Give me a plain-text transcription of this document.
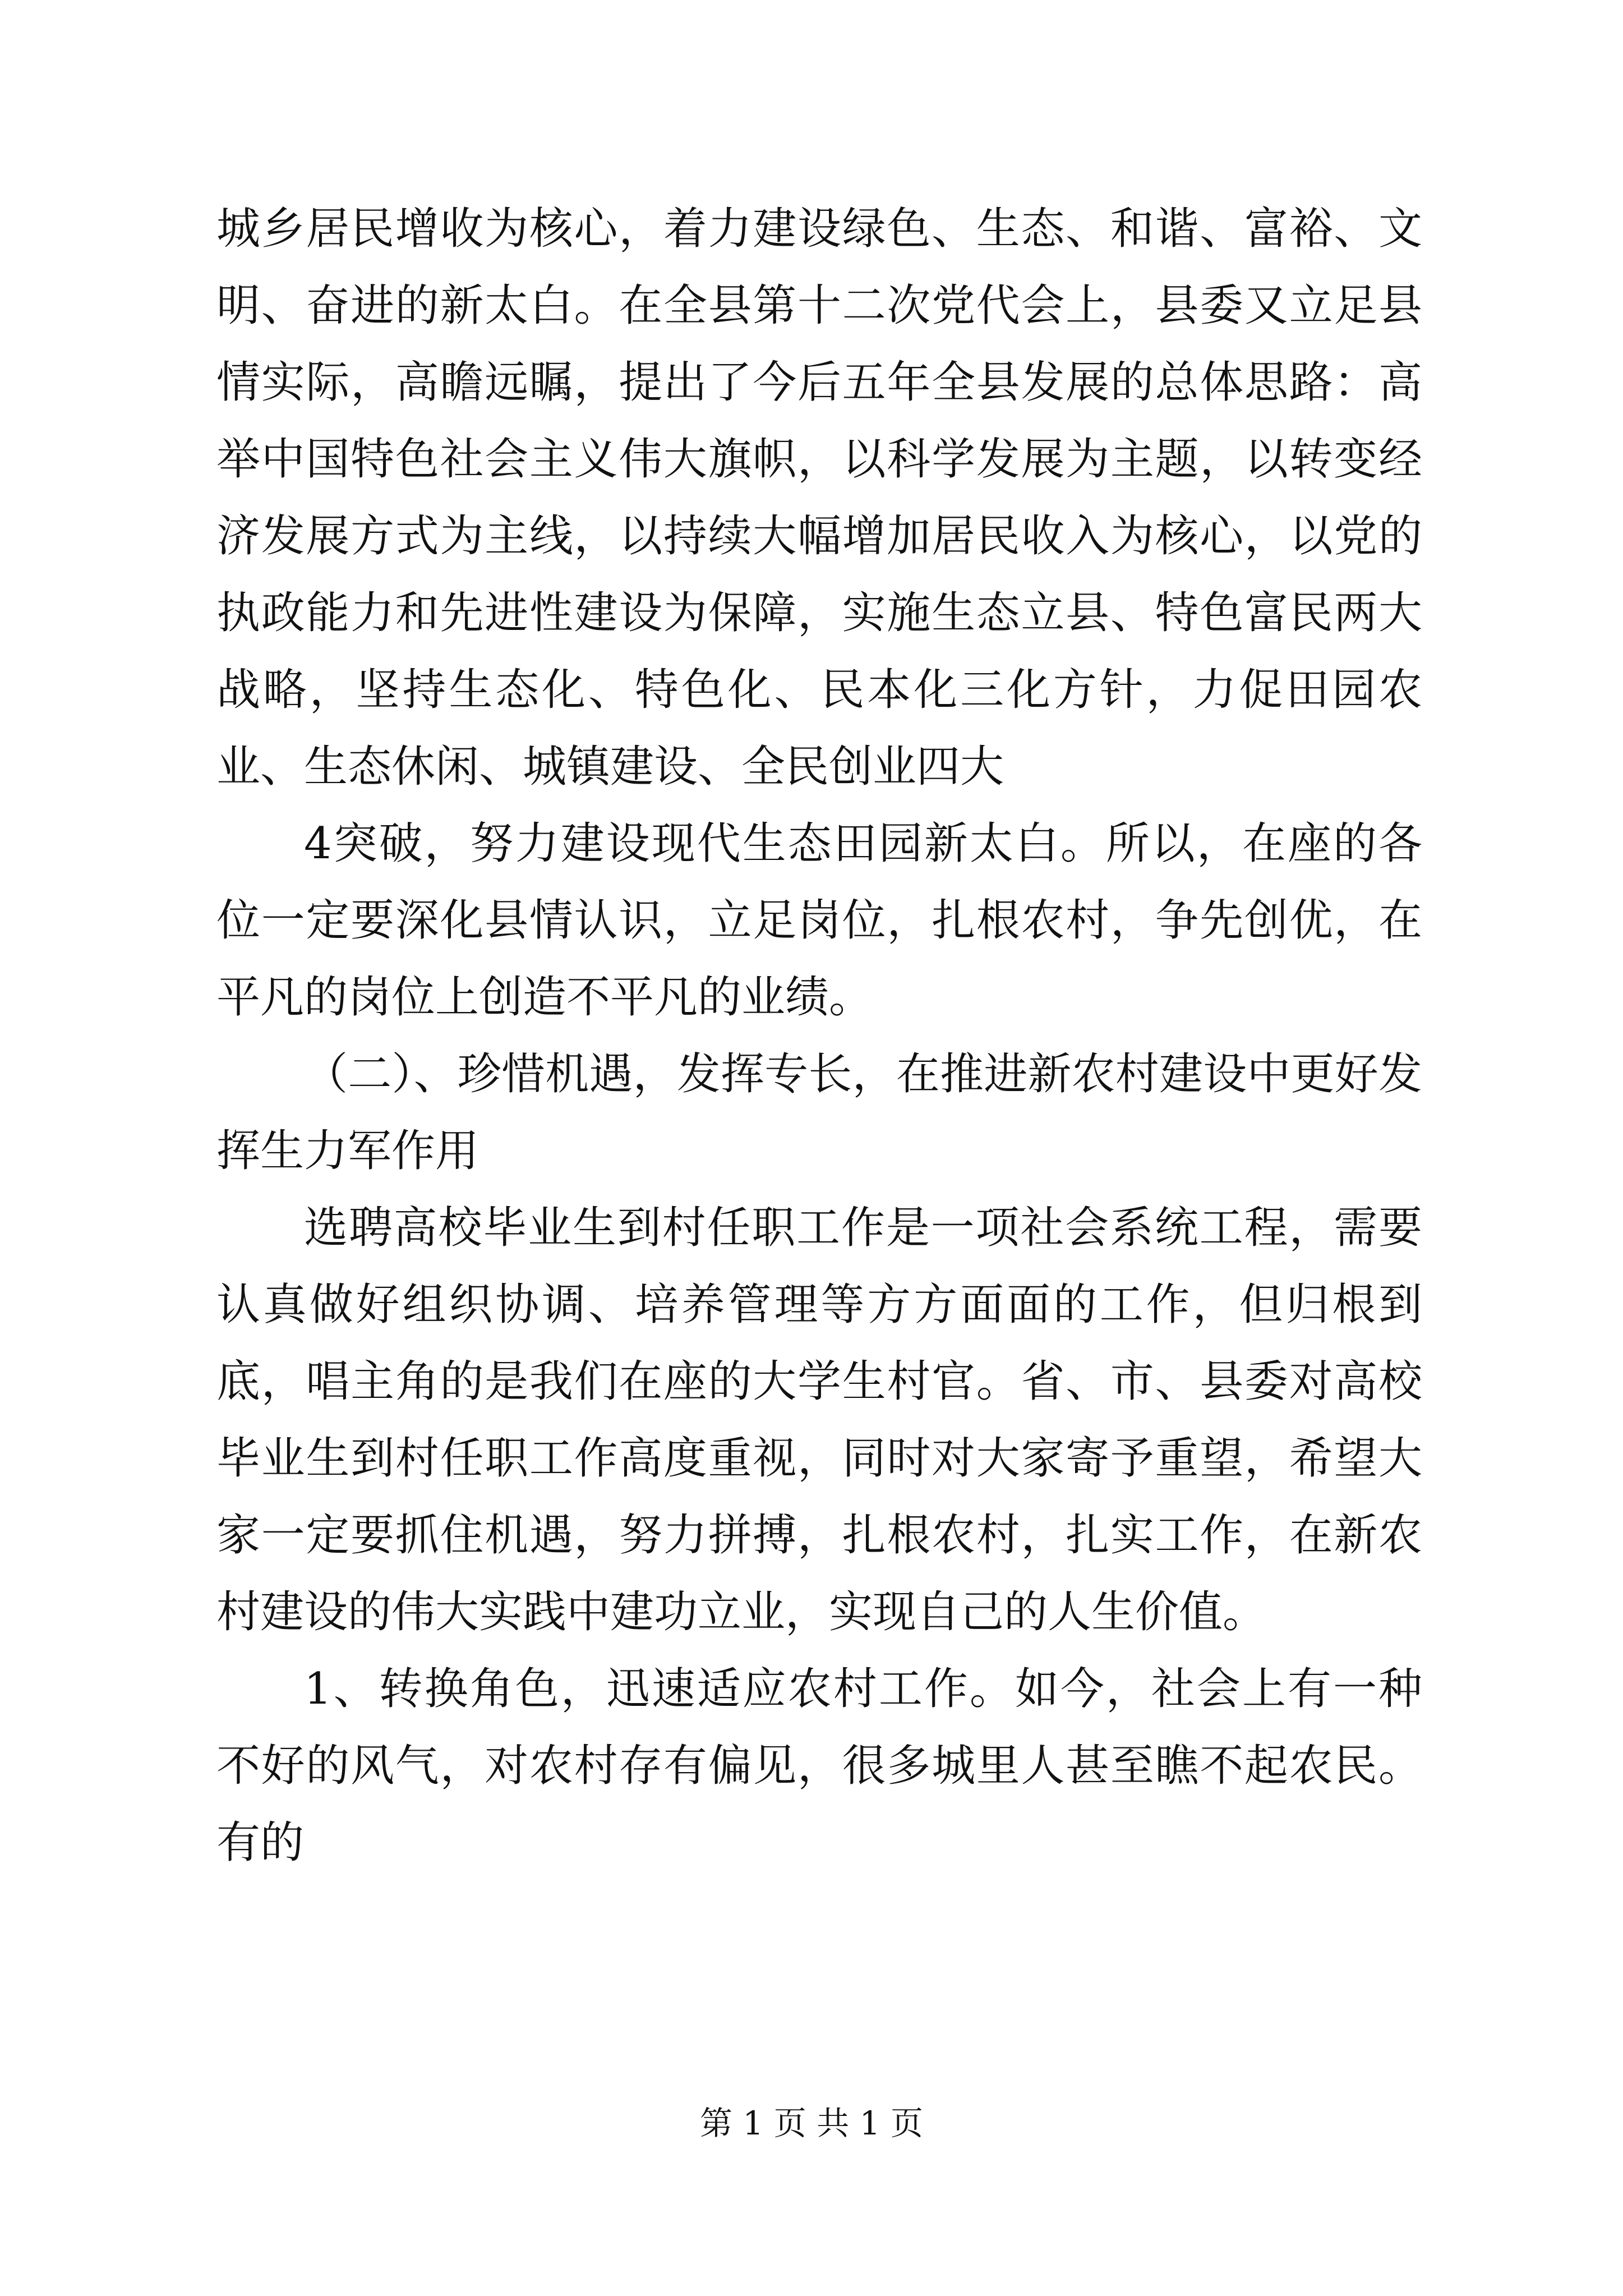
城乡居民增收为核心，着力建设绿色、生态、和谐、富裕、文明、奋进的新太白。在全县第十二次党代会上，县委又立足县情实际，高瞻远瞩，提出了今后五年全县发展的总体思路：高举中国特色社会主义伟大旗帜，以科学发展为主题，以转变经济发展方式为主线，以持续大幅增加居民收入为核心，以党的执政能力和先进性建设为保障，实施生态立县、特色富民两大战略，坚持生态化、特色化、民本化三化方针，力促田园农业、生态休闲、城镇建设、全民创业四大

4突破，努力建设现代生态田园新太白。所以，在座的各位一定要深化县情认识，立足岗位，扎根农村，争先创优，在平凡的岗位上创造不平凡的业绩。

（二）、珍惜机遇，发挥专长，在推进新农村建设中更好发挥生力军作用

选聘高校毕业生到村任职工作是一项社会系统工程，需要认真做好组织协调、培养管理等方方面面的工作，但归根到底，唱主角的是我们在座的大学生村官。省、市、县委对高校毕业生到村任职工作高度重视，同时对大家寄予重望，希望大家一定要抓住机遇，努力拼搏，扎根农村，扎实工作，在新农村建设的伟大实践中建功立业，实现自己的人生价值。

1、转换角色，迅速适应农村工作。如今，社会上有一种不好的风气，对农村存有偏见，很多城里人甚至瞧不起农民。有的

第 1 页 共 1 页
